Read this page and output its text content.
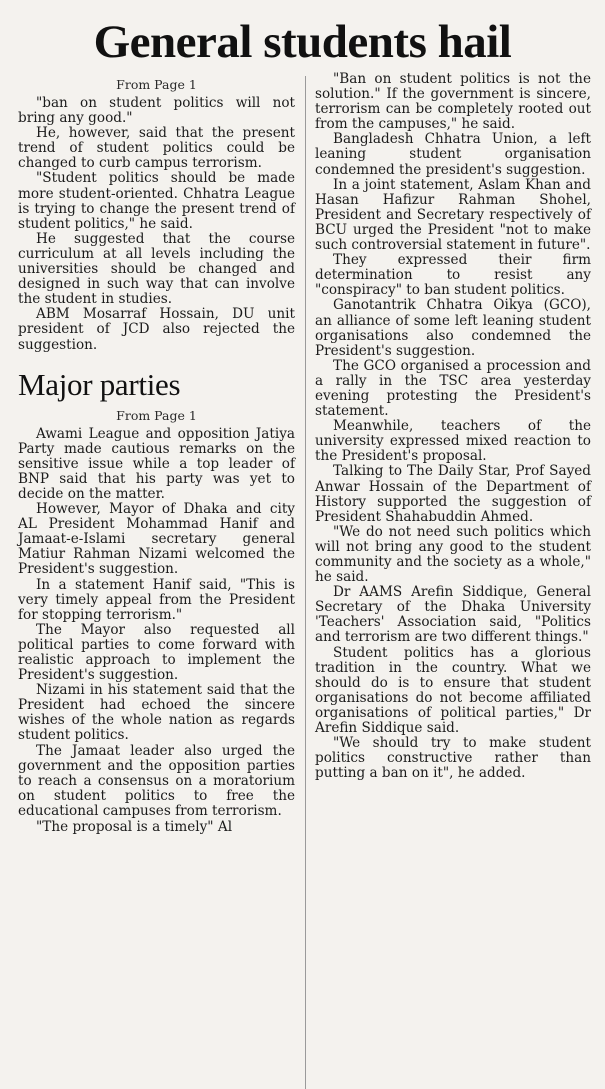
General students hail
From Page 1

"ban on student politics will not bring any good."

He, however, said that the present trend of student politics could be changed to curb campus terrorism.

"Student politics should be made more student-oriented. Chhatra League is trying to change the present trend of student politics," he said.

He suggested that the course curriculum at all levels including the universities should be changed and designed in such way that can involve the student in studies.

ABM Mosarraf Hossain, DU unit president of JCD also rejected the suggestion.

Major parties
From Page 1

Awami League and opposition Jatiya Party made cautious remarks on the sensitive issue while a top leader of BNP said that his party was yet to decide on the matter.

However, Mayor of Dhaka and city AL President Mohammad Hanif and Jamaat-e-Islami secretary general Matiur Rahman Nizami welcomed the President's suggestion.

In a statement Hanif said, "This is very timely appeal from the President for stopping terrorism."

The Mayor also requested all political parties to come forward with realistic approach to implement the President's suggestion.

Nizami in his statement said that the President had echoed the sincere wishes of the whole nation as regards student politics.

The Jamaat leader also urged the government and the opposition parties to reach a consensus on a moratorium on student politics to free the educational campuses from terrorism.

"The proposal is a timely" Al

"Ban on student politics is not the solution." If the government is sincere, terrorism can be completely rooted out from the campuses," he said.

Bangladesh Chhatra Union, a left leaning student organisation condemned the president's suggestion.

In a joint statement, Aslam Khan and Hasan Hafizur Rahman Shohel, President and Secretary respectively of BCU urged the President "not to make such controversial statement in future".

They expressed their firm determination to resist any "conspiracy" to ban student politics.

Ganotantrik Chhatra Oikya (GCO), an alliance of some left leaning student organisations also condemned the President's suggestion.

The GCO organised a procession and a rally in the TSC area yesterday evening protesting the President's statement.

Meanwhile, teachers of the university expressed mixed reaction to the President's proposal.

Talking to The Daily Star, Prof Sayed Anwar Hossain of the Department of History supported the suggestion of President Shahabuddin Ahmed.

"We do not need such politics which will not bring any good to the student community and the society as a whole," he said.

Dr AAMS Arefin Siddique, General Secretary of the Dhaka University 'Teachers' Association said, "Politics and terrorism are two different things."

Student politics has a glorious tradition in the country. What we should do is to ensure that student organisations do not become affiliated organisations of political parties," Dr Arefin Siddique said.

"We should try to make student politics constructive rather than putting a ban on it", he added.
